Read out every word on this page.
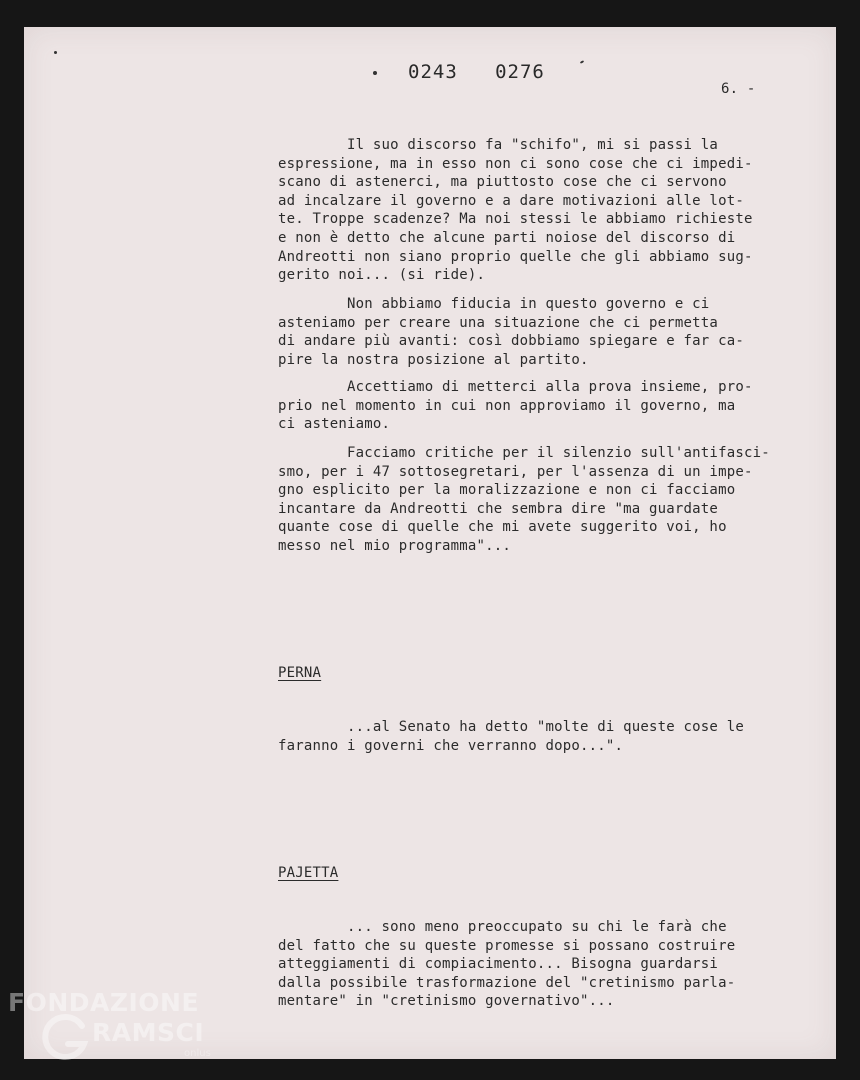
0243   0276
6. -

Il suo discorso fa "schifo", mi si passi la
espressione, ma in esso non ci sono cose che ci impedi-
scano di astenerci, ma piuttosto cose che ci servono
ad incalzare il governo e a dare motivazioni alle lot-
te. Troppe scadenze? Ma noi stessi le abbiamo richieste
e non è detto che alcune parti noiose del discorso di
Andreotti non siano proprio quelle che gli abbiamo sug-
gerito noi... (si ride).

Non abbiamo fiducia in questo governo e ci
asteniamo per creare una situazione che ci permetta
di andare più avanti: così dobbiamo spiegare e far ca-
pire la nostra posizione al partito.

Accettiamo di metterci alla prova insieme, pro-
prio nel momento in cui non approviamo il governo, ma
ci asteniamo.

Facciamo critiche per il silenzio sull'antifasci-
smo, per i 47 sottosegretari, per l'assenza di un impe-
gno esplicito per la moralizzazione e non ci facciamo
incantare da Andreotti che sembra dire "ma guardate
quante cose di quelle che mi avete suggerito voi, ho
messo nel mio programma"...

PERNA

...al Senato ha detto "molte di queste cose le
faranno i governi che verranno dopo...".

PAJETTA

... sono meno preoccupato su chi le farà che
del fatto che su queste promesse si possano costruire
atteggiamenti di compiacimento... Bisogna guardarsi
dalla possibile trasformazione del "cretinismo parla-
mentare" in "cretinismo governativo"...

FONDAZIONE
RAMSCI
onlus
